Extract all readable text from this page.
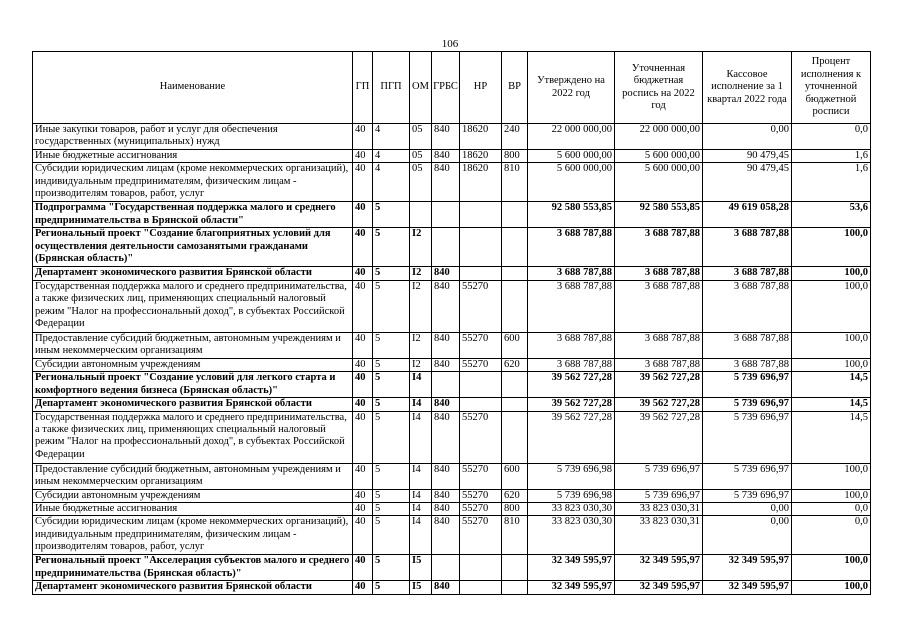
106
Наименование	ГП	ПГП	ОМ	ГРБС	НР	ВР	Утверждено на 2022 год	Уточненная бюджетная роспись на 2022 год	Кассовое исполнение за 1 квартал 2022 года	Процент исполнения к уточненной бюджетной росписи
Иные закупки товаров, работ и услуг для обеспечения государственных (муниципальных) нужд	40	4	05	840	18620	240	22 000 000,00	22 000 000,00	0,00	0,0
Иные бюджетные ассигнования	40	4	05	840	18620	800	5 600 000,00	5 600 000,00	90 479,45	1,6
Субсидии юридическим лицам (кроме некоммерческих организаций), индивидуальным предпринимателям, физическим лицам - производителям товаров, работ, услуг	40	4	05	840	18620	810	5 600 000,00	5 600 000,00	90 479,45	1,6
Подпрограмма "Государственная поддержка малого и среднего предпринимательства в Брянской области"	40	5					92 580 553,85	92 580 553,85	49 619 058,28	53,6
Региональный проект "Создание благоприятных условий для осуществления деятельности самозанятыми гражданами (Брянская область)"	40	5	I2				3 688 787,88	3 688 787,88	3 688 787,88	100,0
Департамент экономического развития Брянской области	40	5	I2	840			3 688 787,88	3 688 787,88	3 688 787,88	100,0
Государственная поддержка малого и среднего предпринимательства, а также физических лиц, применяющих специальный налоговый режим "Налог на профессиональный доход", в субъектах Российской Федерации	40	5	I2	840	55270		3 688 787,88	3 688 787,88	3 688 787,88	100,0
Предоставление субсидий бюджетным, автономным учреждениям и иным некоммерческим организациям	40	5	I2	840	55270	600	3 688 787,88	3 688 787,88	3 688 787,88	100,0
Субсидии автономным учреждениям	40	5	I2	840	55270	620	3 688 787,88	3 688 787,88	3 688 787,88	100,0
Региональный проект "Создание условий для легкого старта и комфортного ведения бизнеса (Брянская область)"	40	5	I4				39 562 727,28	39 562 727,28	5 739 696,97	14,5
Департамент экономического развития Брянской области	40	5	I4	840			39 562 727,28	39 562 727,28	5 739 696,97	14,5
Государственная поддержка малого и среднего предпринимательства, а также физических лиц, применяющих специальный налоговый режим "Налог на профессиональный доход", в субъектах Российской Федерации	40	5	I4	840	55270		39 562 727,28	39 562 727,28	5 739 696,97	14,5
Предоставление субсидий бюджетным, автономным учреждениям и иным некоммерческим организациям	40	5	I4	840	55270	600	5 739 696,98	5 739 696,97	5 739 696,97	100,0
Субсидии автономным учреждениям	40	5	I4	840	55270	620	5 739 696,98	5 739 696,97	5 739 696,97	100,0
Иные бюджетные ассигнования	40	5	I4	840	55270	800	33 823 030,30	33 823 030,31	0,00	0,0
Субсидии юридическим лицам (кроме некоммерческих организаций), индивидуальным предпринимателям, физическим лицам - производителям товаров, работ, услуг	40	5	I4	840	55270	810	33 823 030,30	33 823 030,31	0,00	0,0
Региональный проект "Акселерация субъектов малого и среднего предпринимательства (Брянская область)"	40	5	I5				32 349 595,97	32 349 595,97	32 349 595,97	100,0
Департамент экономического развития Брянской области	40	5	I5	840			32 349 595,97	32 349 595,97	32 349 595,97	100,0
